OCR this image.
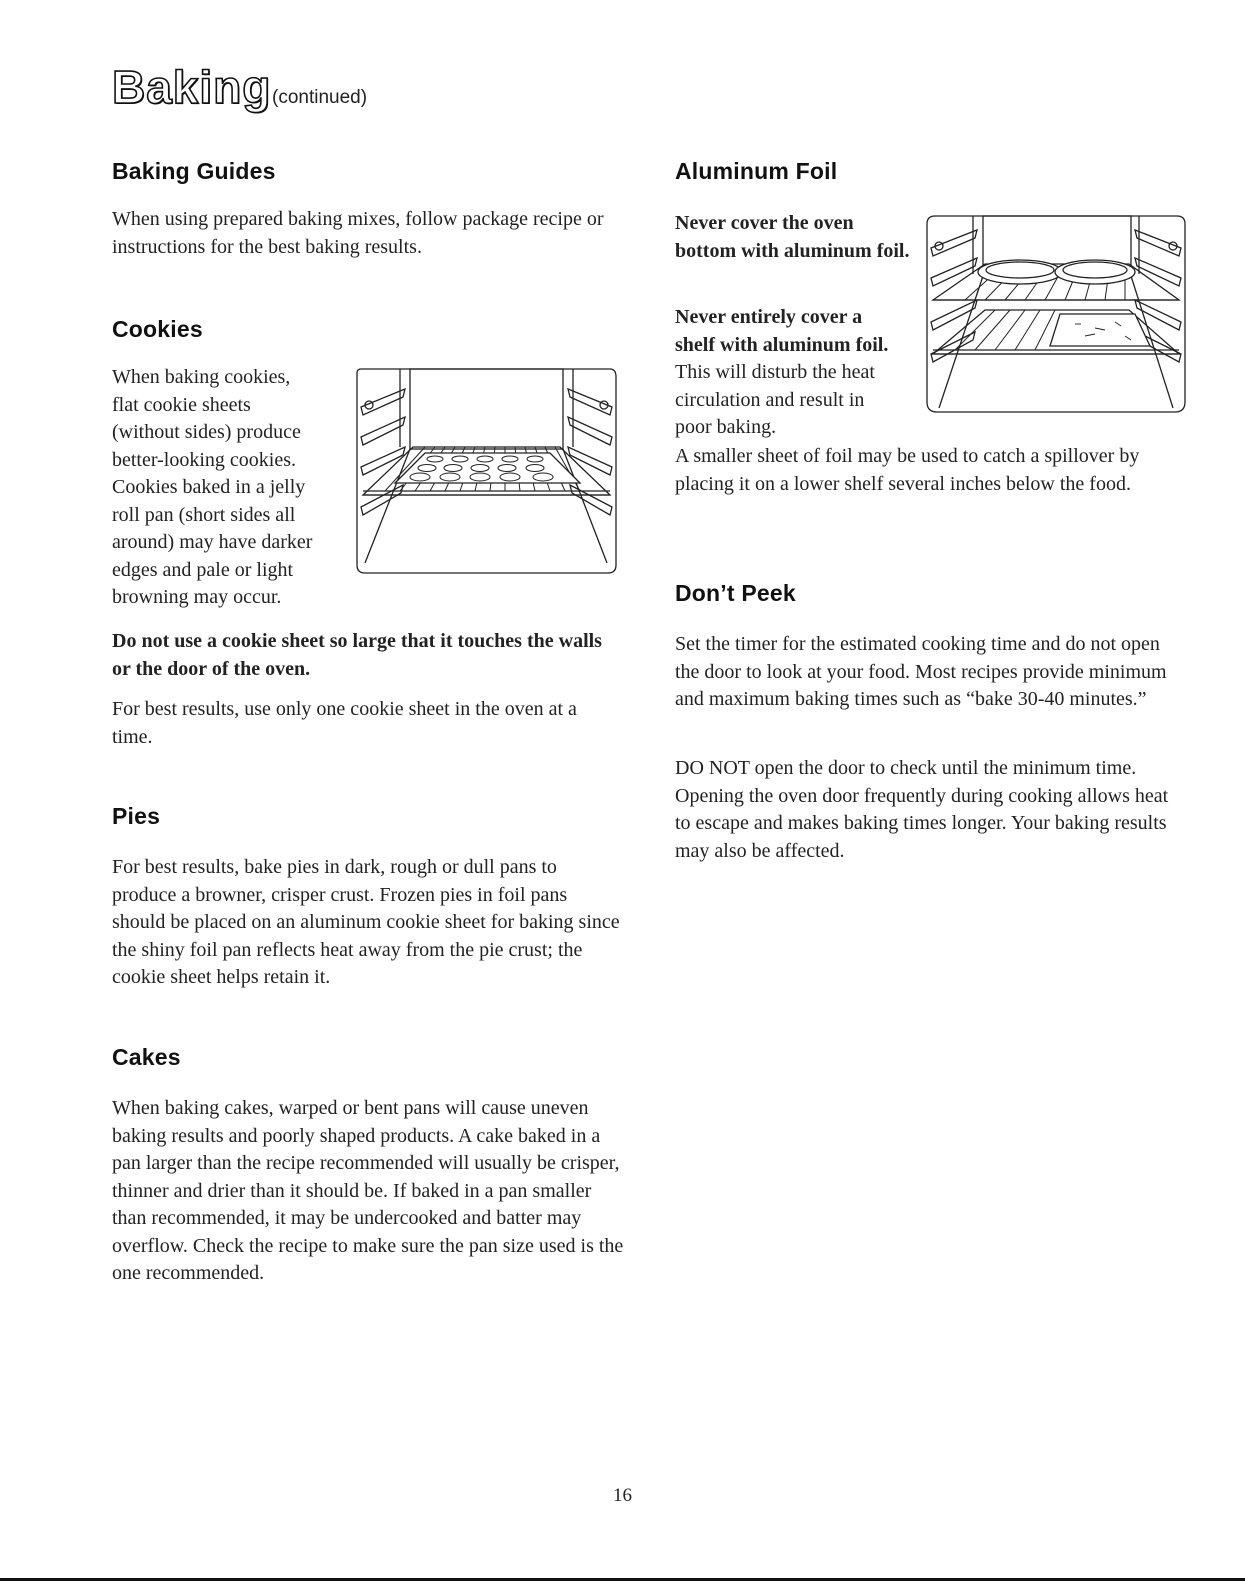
Baking (continued)
Baking Guides

When using prepared baking mixes, follow package recipe or instructions for the best baking results.

Cookies

When baking cookies,

flat cookie sheets

(without sides) produce

better-looking cookies.

Cookies baked in a jelly

roll pan (short sides all

around) may have darker

edges and pale or light

browning may occur.

Do not use a cookie sheet so large that it touches the walls or the door of the oven.

For best results, use only one cookie sheet in the oven at a time.

Pies

For best results, bake pies in dark, rough or dull pans to produce a browner, crisper crust. Frozen pies in foil pans should be placed on an aluminum cookie sheet for baking since the shiny foil pan reflects heat away from the pie crust; the cookie sheet helps retain it.

Cakes

When baking cakes, warped or bent pans will cause uneven baking results and poorly shaped products. A cake baked in a pan larger than the recipe recommended will usually be crisper, thinner and drier than it should be. If baked in a pan smaller than recommended, it may be undercooked and batter may overflow. Check the recipe to make sure the pan size used is the one recommended.

Aluminum Foil

Never cover the oven bottom with aluminum foil.

Never entirely cover a shelf with aluminum foil. This will disturb the heat circulation and result in poor baking.

A smaller sheet of foil may be used to catch a spillover by placing it on a lower shelf several inches below the food.

Don’t Peek

Set the timer for the estimated cooking time and do not open the door to look at your food. Most recipes provide minimum and maximum baking times such as “bake 30-40 minutes.”

DO NOT open the door to check until the minimum time. Opening the oven door frequently during cooking allows heat to escape and makes baking times longer. Your baking results may also be affected.

16
